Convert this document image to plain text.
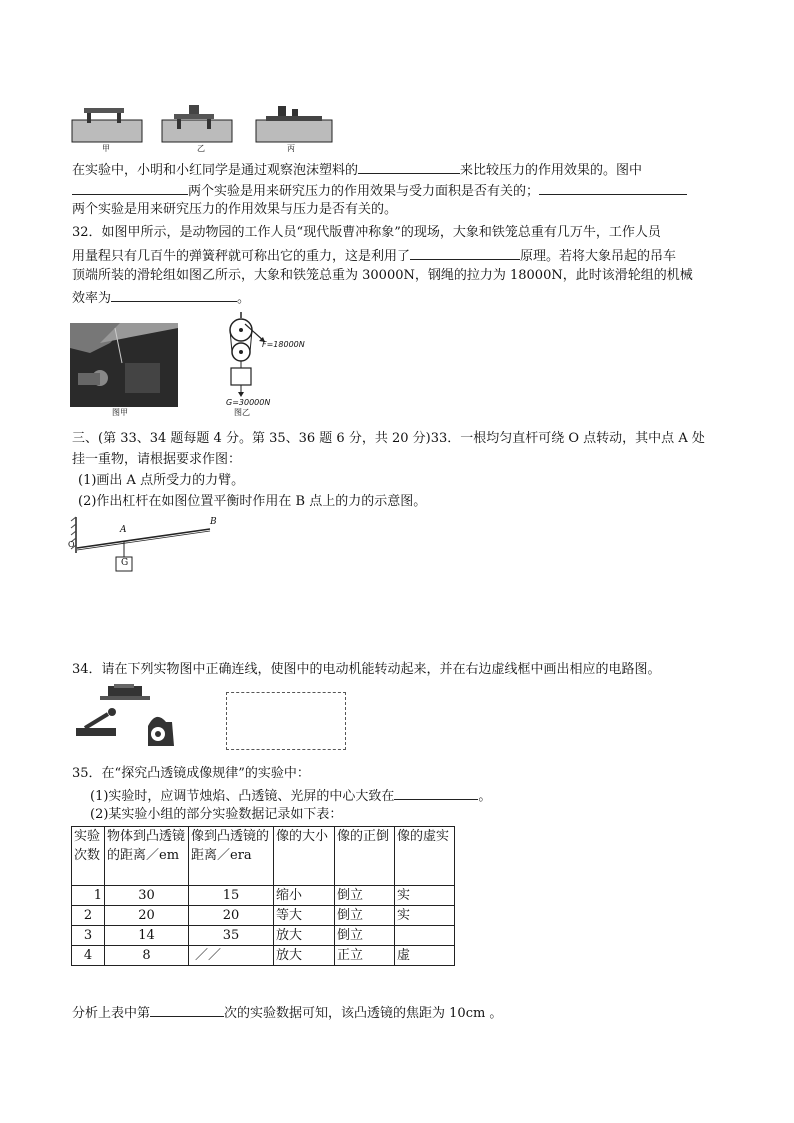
甲	乙	丙
在实验中，小明和小红同学是通过观察泡沫塑料的	来比较压力的作用效果的。图中
两个实验是用来研究压力的作用效果与受力面积是否有关的；
两个实验是用来研究压力的作用效果与压力是否有关的。
32．如图甲所示，是动物园的工作人员“现代版曹冲称象”的现场，大象和铁笼总重有几万牛，工作人员
用量程只有几百牛的弹簧秤就可称出它的重力，这是利用了	原理。若将大象吊起的吊车
顶端所装的滑轮组如图乙所示，大象和铁笼总重为 30000N，钢绳的拉力为 18000N，此时该滑轮组的机械
效率为	。
图甲
F=18000N
G=30000N
图乙
三、(第 33、34 题每题 4 分。第 35、36 题 6 分，共 20 分)33．一根均匀直杆可绕 O 点转动，其中点 A 处
挂一重物，请根据要求作图：
(1)画出 A 点所受力的力臂。
(2)作出杠杆在如图位置平衡时作用在 B 点上的力的示意图。
O
A
B
G
34．请在下列实物图中正确连线，使图中的电动机能转动起来，并在右边虚线框中画出相应的电路图。
35．在“探究凸透镜成像规律”的实验中：
(1)实验时，应调节烛焰、凸透镜、光屏的中心大致在	。
(2)某实验小组的部分实验数据记录如下表：
实验次数	物体到凸透镜的距离／em	像到凸透镜的距离／era	像的大小	像的正倒	像的虚实
1	30	15	缩小	倒立	实
2	20	20	等大	倒立	实
3	14	35	放大	倒立	
4	8	／／	放大	正立	虚
分析上表中第	次的实验数据可知，该凸透镜的焦距为 10cm 。
